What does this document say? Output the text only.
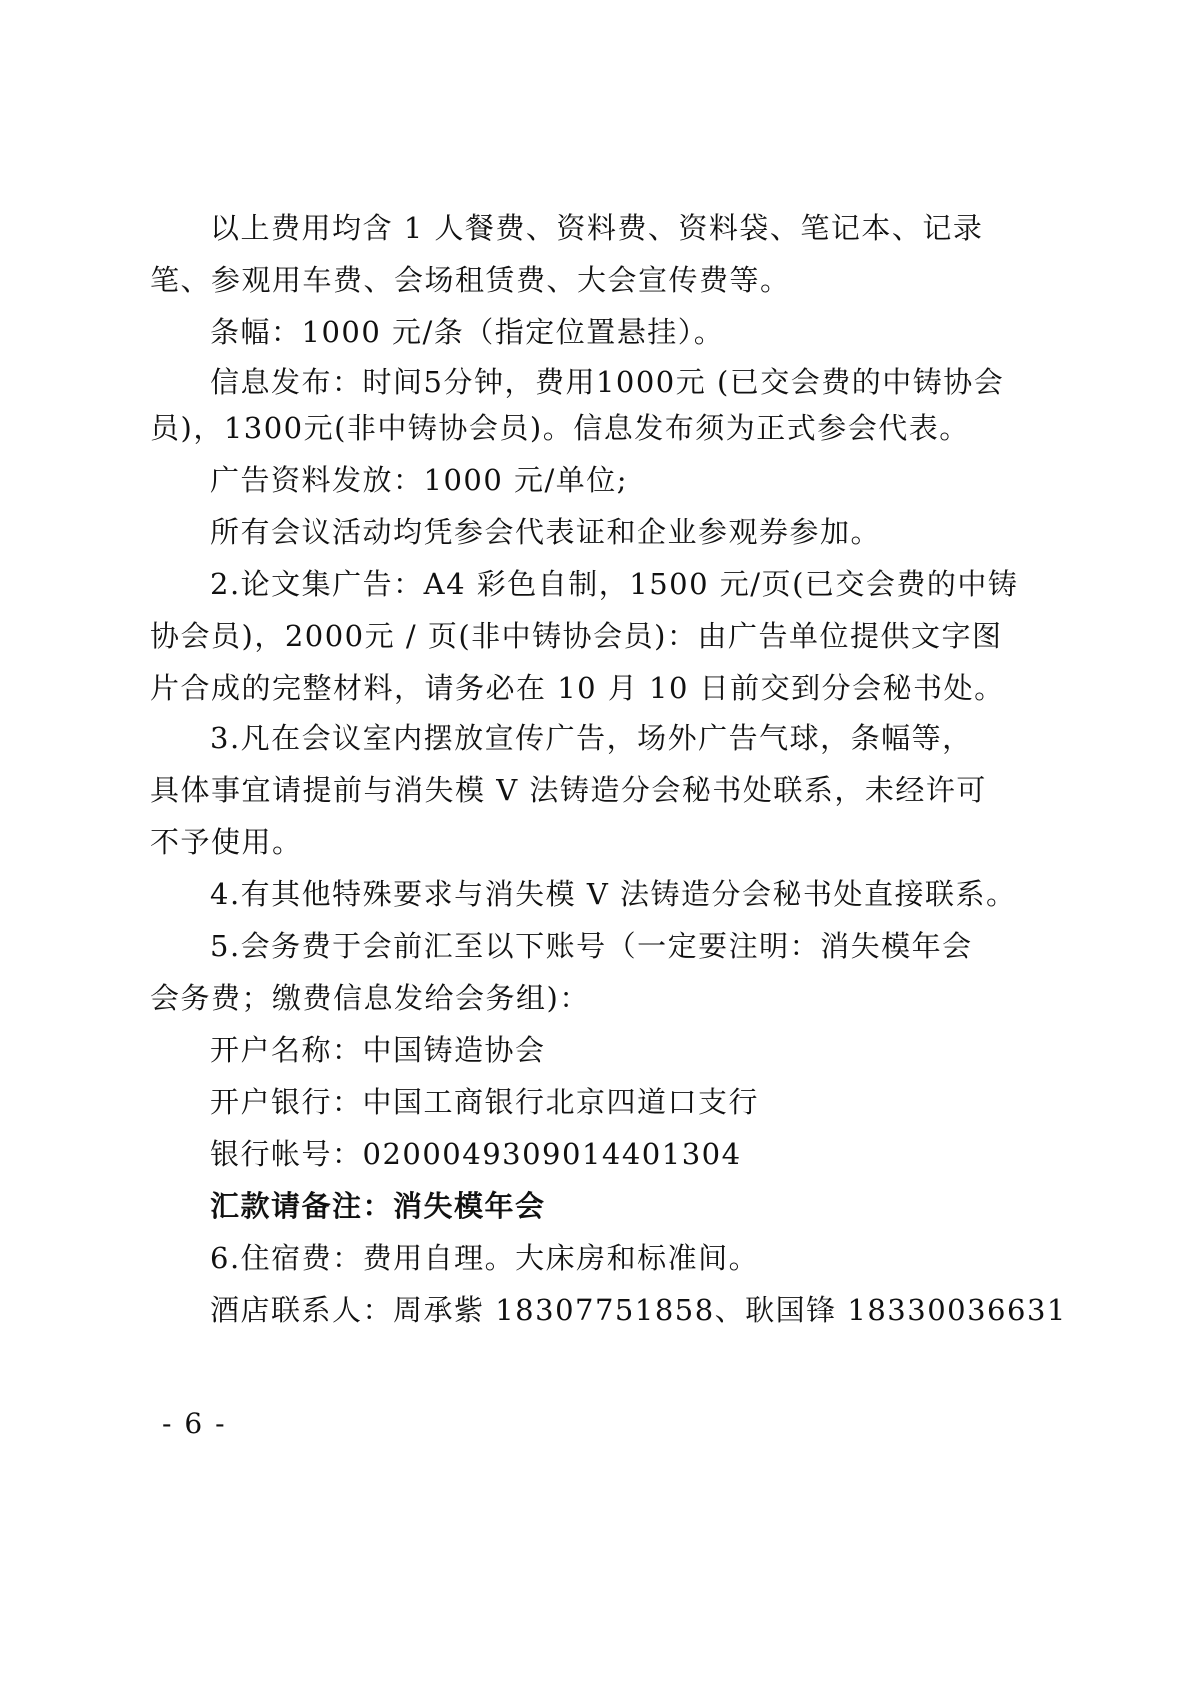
以上费用均含 1 人餐费、资料费、资料袋、笔记本、记录
笔、参观用车费、会场租赁费、大会宣传费等。
条幅：1000 元/条（指定位置悬挂）。
信息发布：时间5分钟，费用1000元 (已交会费的中铸协会
员)，1300元(非中铸协会员)。信息发布须为正式参会代表。
广告资料发放：1000 元/单位;
所有会议活动均凭参会代表证和企业参观券参加。
2.论文集广告：A4 彩色自制，1500 元/页(已交会费的中铸
协会员)，2000元 / 页(非中铸协会员)：由广告单位提供文字图
片合成的完整材料，请务必在 10 月 10 日前交到分会秘书处。
3.凡在会议室内摆放宣传广告，场外广告气球，条幅等，
具体事宜请提前与消失模 V 法铸造分会秘书处联系，未经许可
不予使用。
4.有其他特殊要求与消失模 V 法铸造分会秘书处直接联系。
5.会务费于会前汇至以下账号（一定要注明：消失模年会
会务费；缴费信息发给会务组)：
开户名称：中国铸造协会
开户银行：中国工商银行北京四道口支行
银行帐号：0200049309014401304
汇款请备注：消失模年会
6.住宿费：费用自理。大床房和标准间。
酒店联系人：周承紫 18307751858、耿国锋 18330036631
- 6 -
